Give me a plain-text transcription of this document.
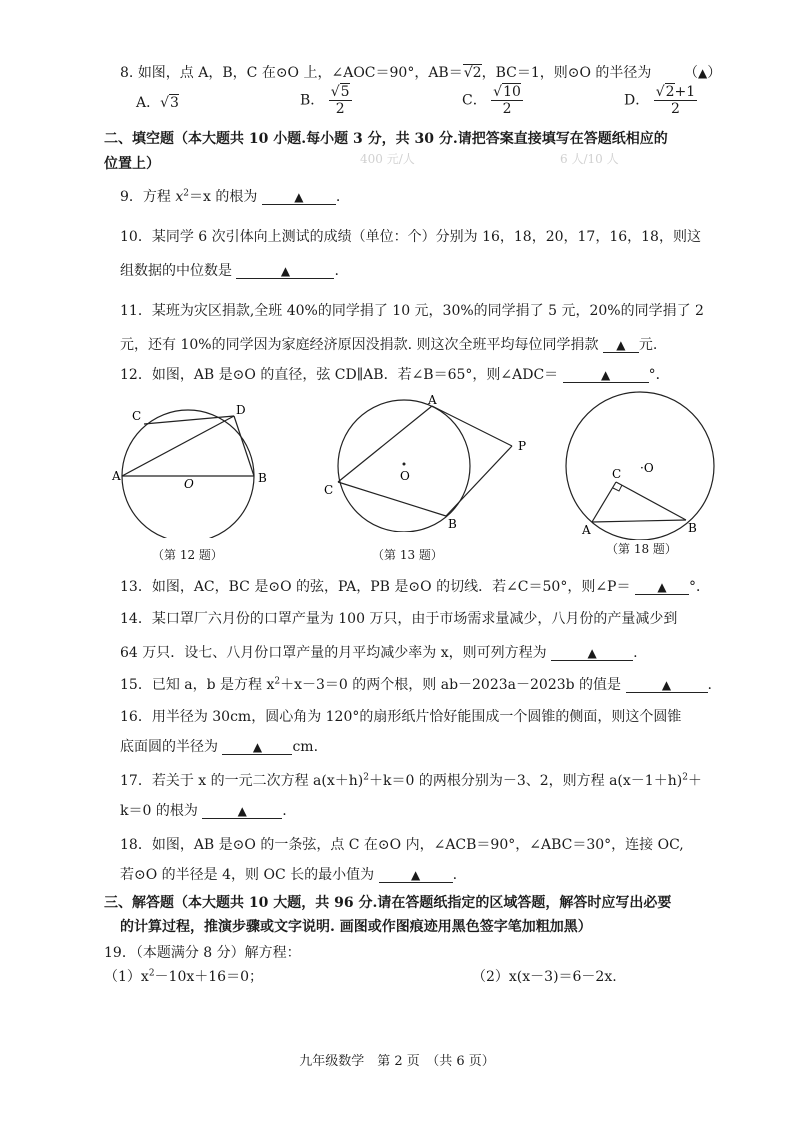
400 元/人	6 人/10 人
8. 如图，点 A，B，C 在⊙O 上，∠AOC＝90°，AB＝√2，BC＝1，则⊙O 的半径为 （▲）
A．√3	B． $\frac{√5}{2}$	C． $\frac{√10}{2}$	D． $\frac{√2+1}{2}$
二、填空题（本大题共 10 小题.每小题 3 分，共 30 分.请把答案直接填写在答题纸相应的
位置上）
9．方程 $x^2=x$ 的根为	▲ .
10．某同学 6 次引体向上测试的成绩（单位：个）分别为 16，18，20，17，16，18，则这
组数据的中位数是	▲	.
11．某班为灾区捐款,全班 40%的同学捐了 10 元，30%的同学捐了 5 元，20%的同学捐了 2
元，还有 10%的同学因为家庭经济原因没捐款. 则这次全班平均每位同学捐款 ▲ 元.
12．如图，AB 是⊙O 的直径，弦 CD∥AB．若∠B＝65°，则∠ADC＝	▲	°．
A	B
C	D
O
（第 12 题）
A
B
C
P
O
（第 13 题）
A	B
C ·O
（第 18 题）
13．如图，AC，BC 是⊙O 的弦，PA，PB 是⊙O 的切线．若∠C＝50°，则∠P＝ ▲ °．
14．某口罩厂六月份的口罩产量为 100 万只，由于市场需求量减少，八月份的产量减少到
64 万只．设七、八月份口罩产量的月平均减少率为 x，则可列方程为	▲	.
15．已知 a，b 是方程 $x^2+x-3=0$ 的两个根，则 ab－2023a－2023b 的值是	▲	.
16．用半径为 30cm，圆心角为 120°的扇形纸片恰好能围成一个圆锥的侧面，则这个圆锥
底面圆的半径为	▲ cm.
17．若关于 x 的一元二次方程 $a(x+h)^2+k=0$ 的两根分别为－3、2，则方程 $a(x-1+h)^2+$
k＝0 的根为	▲	.
18．如图，AB 是⊙O 的一条弦，点 C 在⊙O 内，∠ACB＝90°，∠ABC＝30°，连接 OC,
若⊙O 的半径是 4，则 OC 长的最小值为	▲ .
三、解答题（本大题共 10 大题，共 96 分.请在答题纸指定的区域答题，解答时应写出必要
的计算过程，推演步骤或文字说明. 画图或作图痕迹用黑色签字笔加粗加黑）
19．（本题满分 8 分）解方程：
$(1)x^2-10x+16=0$；	（2）x(x－3)＝6－2x.
九年级数学　第 2 页　（共 6 页）
